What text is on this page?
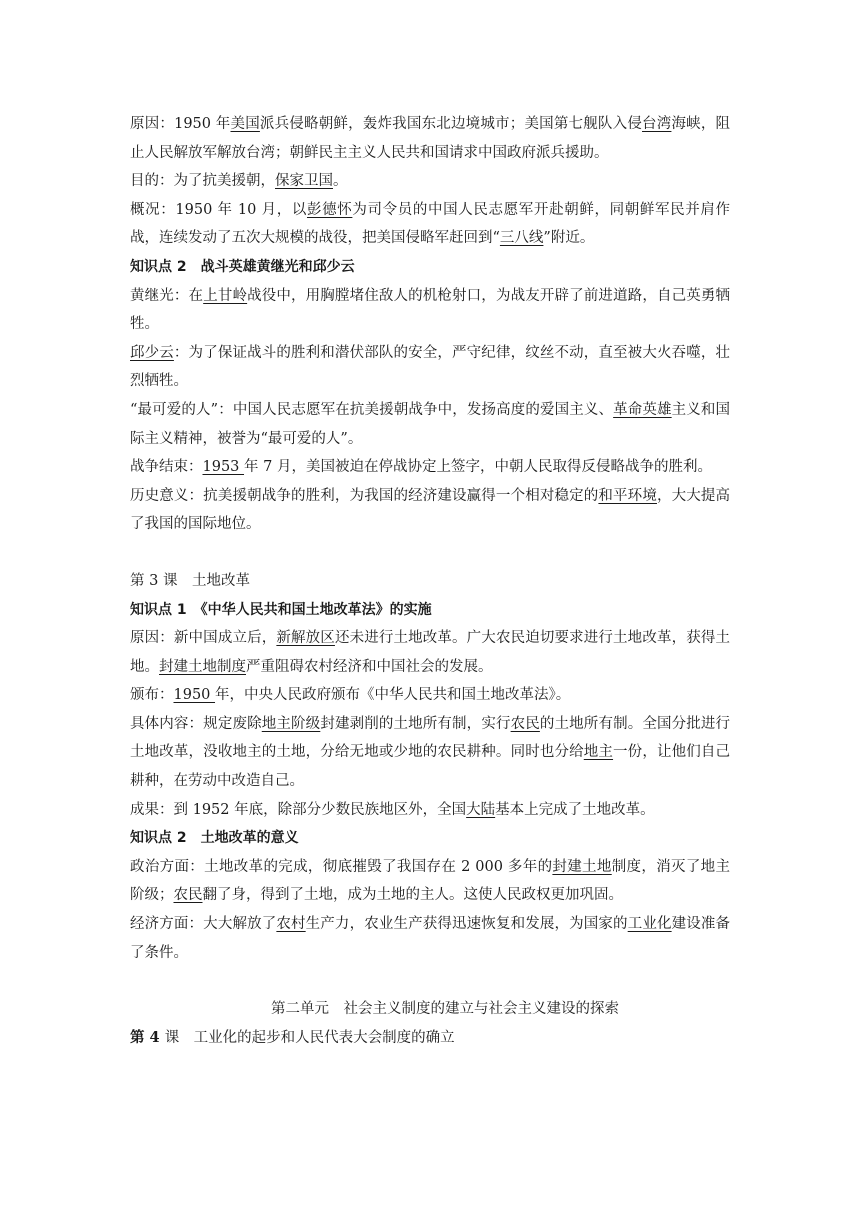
原因：1950 年美国派兵侵略朝鲜，轰炸我国东北边境城市；美国第七舰队入侵台湾海峡，阻止人民解放军解放台湾；朝鲜民主主义人民共和国请求中国政府派兵援助。

目的：为了抗美援朝，保家卫国。

概况：1950 年 10 月，以彭德怀为司令员的中国人民志愿军开赴朝鲜，同朝鲜军民并肩作战，连续发动了五次大规模的战役，把美国侵略军赶回到“三八线”附近。

知识点 2　战斗英雄黄继光和邱少云

黄继光：在上甘岭战役中，用胸膛堵住敌人的机枪射口，为战友开辟了前进道路，自己英勇牺牲。

邱少云：为了保证战斗的胜利和潜伏部队的安全，严守纪律，纹丝不动，直至被大火吞噬，壮烈牺牲。

“最可爱的人”：中国人民志愿军在抗美援朝战争中，发扬高度的爱国主义、革命英雄主义和国际主义精神，被誉为“最可爱的人”。

战争结束：1953 年 7 月，美国被迫在停战协定上签字，中朝人民取得反侵略战争的胜利。

历史意义：抗美援朝战争的胜利，为我国的经济建设赢得一个相对稳定的和平环境，大大提高了我国的国际地位。

第 3 课　土地改革

知识点 1　《中华人民共和国土地改革法》的实施

原因：新中国成立后，新解放区还未进行土地改革。广大农民迫切要求进行土地改革，获得土地。封建土地制度严重阻碍农村经济和中国社会的发展。

颁布：1950 年，中央人民政府颁布《中华人民共和国土地改革法》。

具体内容：规定废除地主阶级封建剥削的土地所有制，实行农民的土地所有制。全国分批进行土地改革，没收地主的土地，分给无地或少地的农民耕种。同时也分给地主一份，让他们自己耕种，在劳动中改造自己。

成果：到 1952 年底，除部分少数民族地区外，全国大陆基本上完成了土地改革。

知识点 2　土地改革的意义

政治方面：土地改革的完成，彻底摧毁了我国存在 2 000 多年的封建土地制度，消灭了地主阶级；农民翻了身，得到了土地，成为土地的主人。这使人民政权更加巩固。

经济方面：大大解放了农村生产力，农业生产获得迅速恢复和发展，为国家的工业化建设准备了条件。

第二单元　社会主义制度的建立与社会主义建设的探索

第 4 课　工业化的起步和人民代表大会制度的确立
